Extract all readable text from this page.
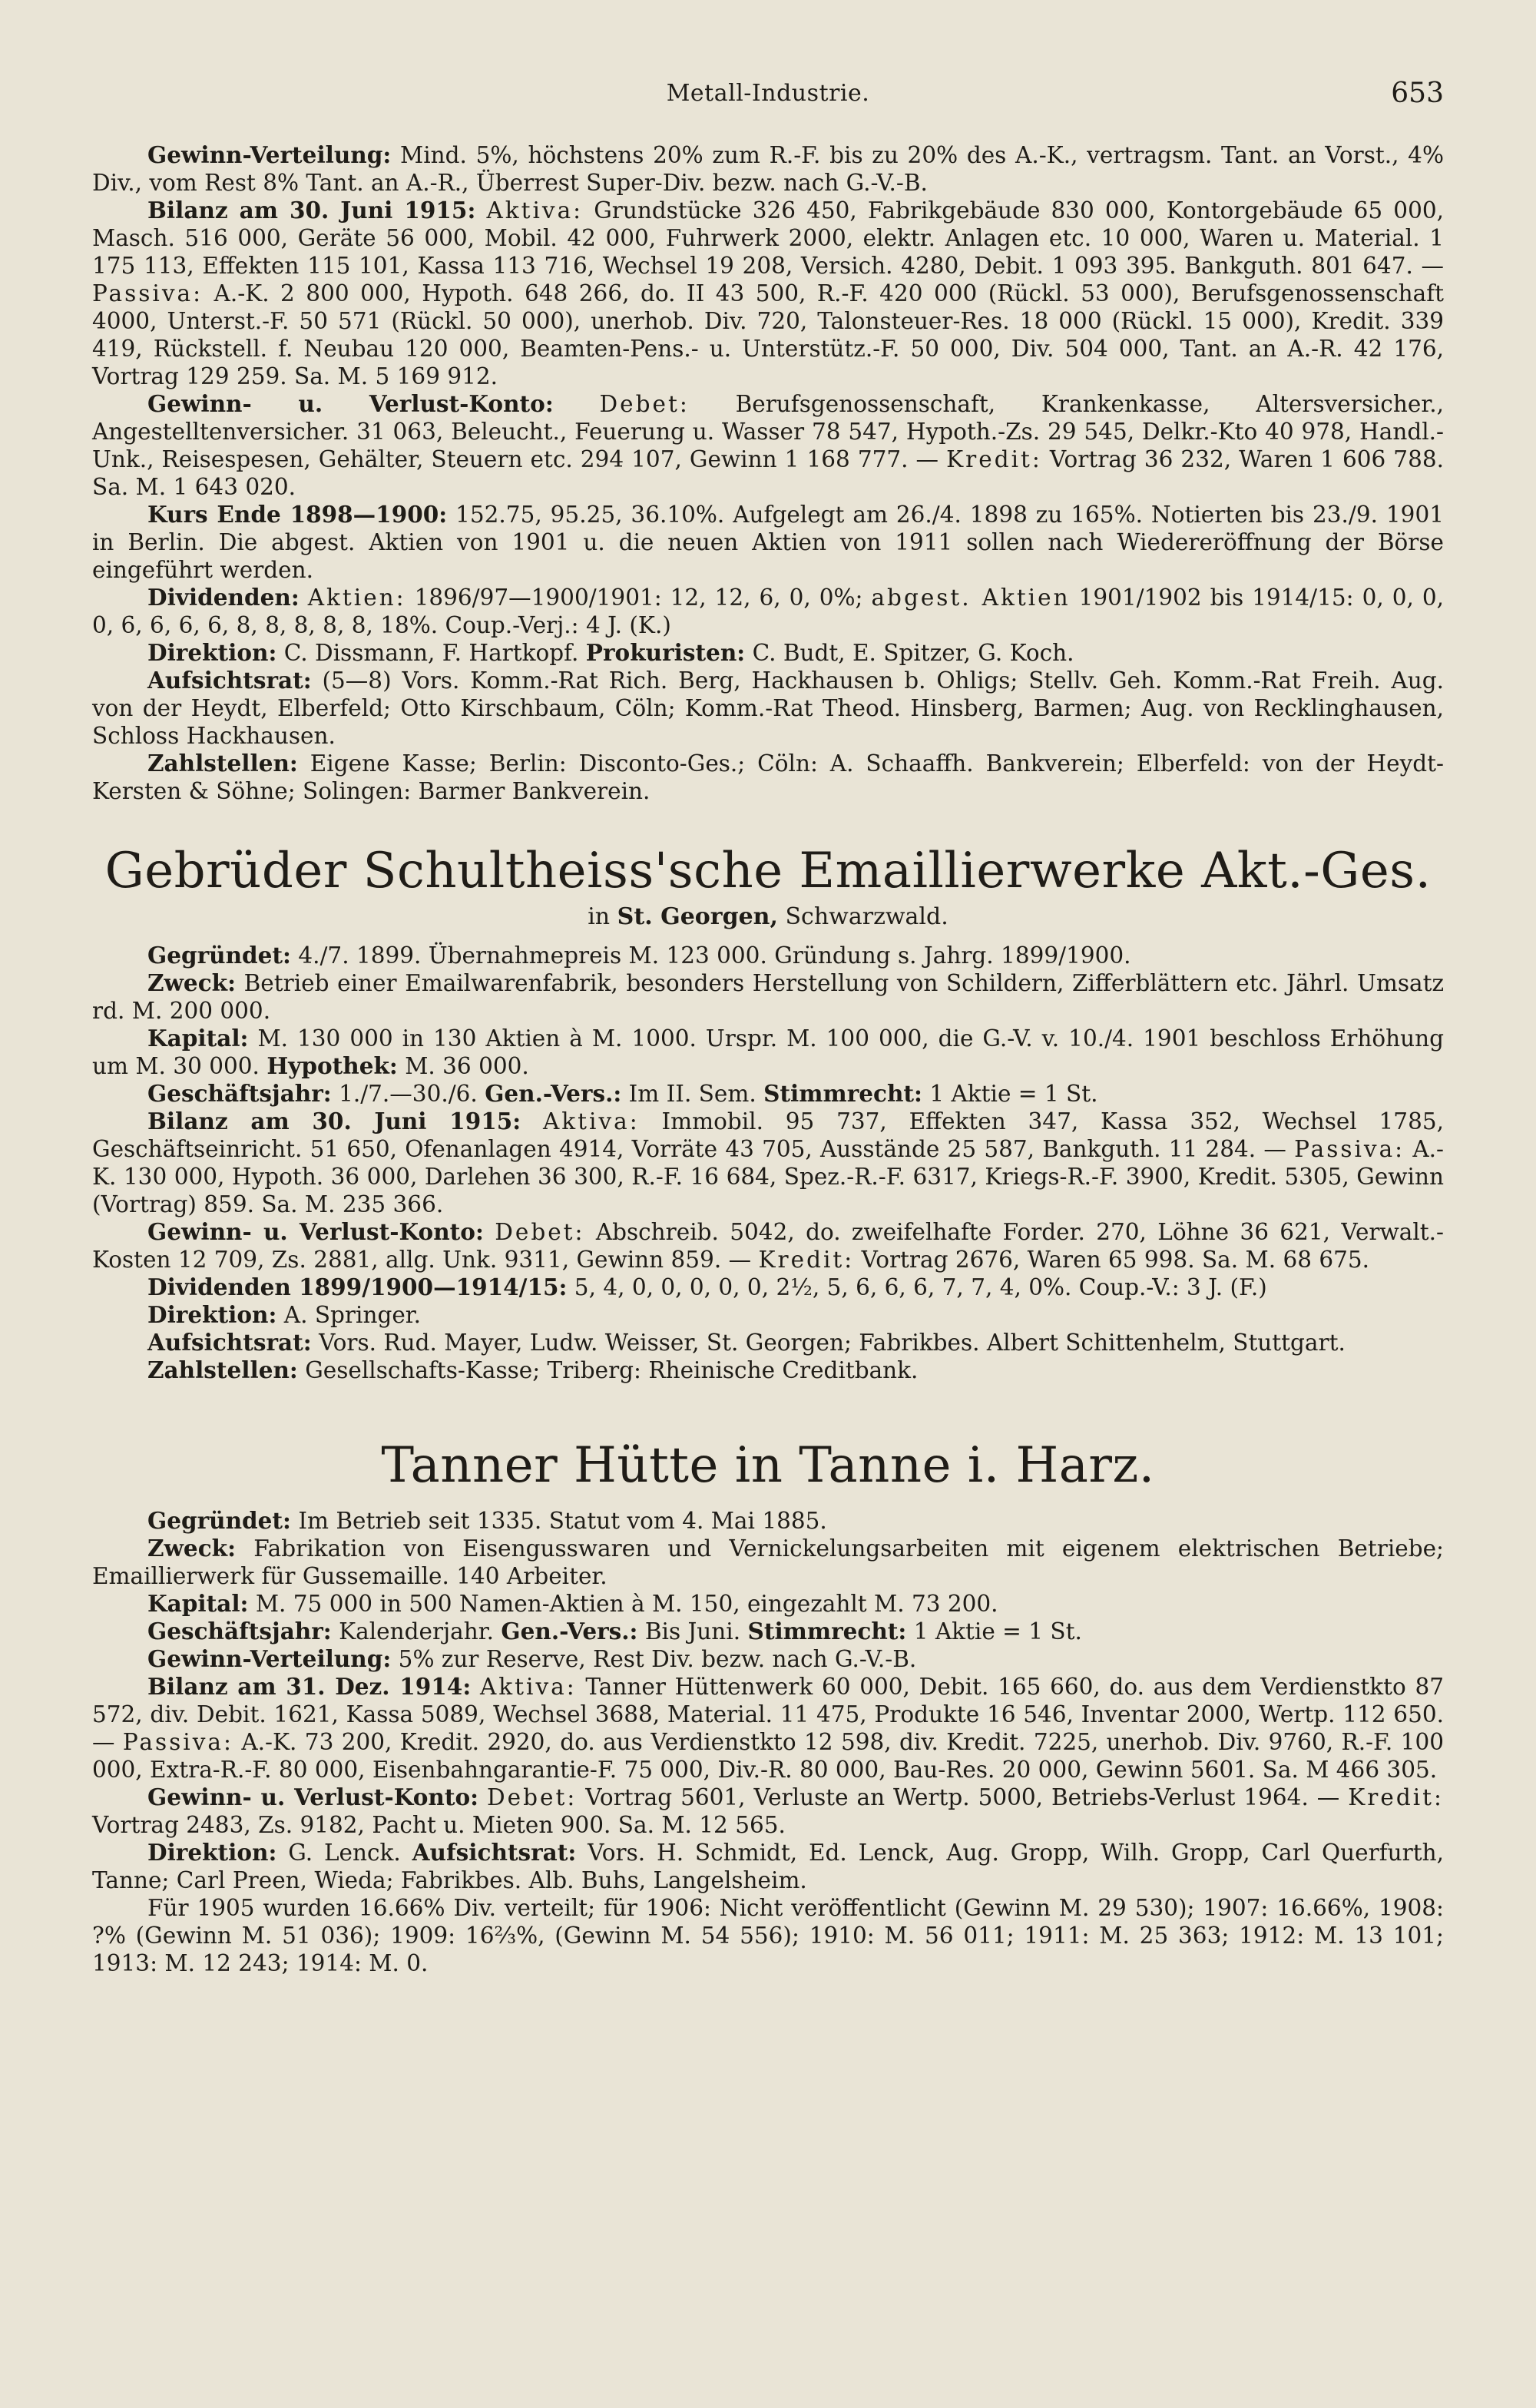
Metall-Industrie.	653

Gewinn-Verteilung: Mind. 5%, höchstens 20% zum R.-F. bis zu 20% des A.-K., vertragsm. Tant. an Vorst., 4% Div., vom Rest 8% Tant. an A.-R., Überrest Super-Div. bezw. nach G.-V.-B.

Bilanz am 30. Juni 1915: Aktiva: Grundstücke 326 450, Fabrikgebäude 830 000, Kontorgebäude 65 000, Masch. 516 000, Geräte 56 000, Mobil. 42 000, Fuhrwerk 2000, elektr. Anlagen etc. 10 000, Waren u. Material. 1 175 113, Effekten 115 101, Kassa 113 716, Wechsel 19 208, Versich. 4280, Debit. 1 093 395. Bankguth. 801 647. — Passiva: A.-K. 2 800 000, Hypoth. 648 266, do. II 43 500, R.-F. 420 000 (Rückl. 53 000), Berufsgenossenschaft 4000, Unterst.-F. 50 571 (Rückl. 50 000), unerhob. Div. 720, Talonsteuer-Res. 18 000 (Rückl. 15 000), Kredit. 339 419, Rückstell. f. Neubau 120 000, Beamten-Pens.- u. Unterstütz.-F. 50 000, Div. 504 000, Tant. an A.-R. 42 176, Vortrag 129 259. Sa. M. 5 169 912.

Gewinn- u. Verlust-Konto: Debet: Berufsgenossenschaft, Krankenkasse, Altersversicher., Angestelltenversicher. 31 063, Beleucht., Feuerung u. Wasser 78 547, Hypoth.-Zs. 29 545, Delkr.-Kto 40 978, Handl.-Unk., Reisespesen, Gehälter, Steuern etc. 294 107, Gewinn 1 168 777. — Kredit: Vortrag 36 232, Waren 1 606 788. Sa. M. 1 643 020.

Kurs Ende 1898—1900: 152.75, 95.25, 36.10%. Aufgelegt am 26./4. 1898 zu 165%. Notierten bis 23./9. 1901 in Berlin. Die abgest. Aktien von 1901 u. die neuen Aktien von 1911 sollen nach Wiedereröffnung der Börse eingeführt werden.

Dividenden: Aktien: 1896/97—1900/1901: 12, 12, 6, 0, 0%; abgest. Aktien 1901/1902 bis 1914/15: 0, 0, 0, 0, 6, 6, 6, 6, 8, 8, 8, 8, 8, 18%. Coup.-Verj.: 4 J. (K.)

Direktion: C. Dissmann, F. Hartkopf. Prokuristen: C. Budt, E. Spitzer, G. Koch.

Aufsichtsrat: (5—8) Vors. Komm.-Rat Rich. Berg, Hackhausen b. Ohligs; Stellv. Geh. Komm.-Rat Freih. Aug. von der Heydt, Elberfeld; Otto Kirschbaum, Cöln; Komm.-Rat Theod. Hinsberg, Barmen; Aug. von Recklinghausen, Schloss Hackhausen.

Zahlstellen: Eigene Kasse; Berlin: Disconto-Ges.; Cöln: A. Schaaffh. Bankverein; Elberfeld: von der Heydt-Kersten & Söhne; Solingen: Barmer Bankverein.

Gebrüder Schultheiss'sche Emaillierwerke Akt.-Ges.
in St. Georgen, Schwarzwald.

Gegründet: 4./7. 1899. Übernahmepreis M. 123 000. Gründung s. Jahrg. 1899/1900.

Zweck: Betrieb einer Emailwarenfabrik, besonders Herstellung von Schildern, Zifferblättern etc. Jährl. Umsatz rd. M. 200 000.

Kapital: M. 130 000 in 130 Aktien à M. 1000. Urspr. M. 100 000, die G.-V. v. 10./4. 1901 beschloss Erhöhung um M. 30 000. Hypothek: M. 36 000.

Geschäftsjahr: 1./7.—30./6. Gen.-Vers.: Im II. Sem. Stimmrecht: 1 Aktie = 1 St.

Bilanz am 30. Juni 1915: Aktiva: Immobil. 95 737, Effekten 347, Kassa 352, Wechsel 1785, Geschäftseinricht. 51 650, Ofenanlagen 4914, Vorräte 43 705, Ausstände 25 587, Bankguth. 11 284. — Passiva: A.-K. 130 000, Hypoth. 36 000, Darlehen 36 300, R.-F. 16 684, Spez.-R.-F. 6317, Kriegs-R.-F. 3900, Kredit. 5305, Gewinn (Vortrag) 859. Sa. M. 235 366.

Gewinn- u. Verlust-Konto: Debet: Abschreib. 5042, do. zweifelhafte Forder. 270, Löhne 36 621, Verwalt.-Kosten 12 709, Zs. 2881, allg. Unk. 9311, Gewinn 859. — Kredit: Vortrag 2676, Waren 65 998. Sa. M. 68 675.

Dividenden 1899/1900—1914/15: 5, 4, 0, 0, 0, 0, 0, 2½, 5, 6, 6, 6, 7, 7, 4, 0%. Coup.-V.: 3 J. (F.)

Direktion: A. Springer.

Aufsichtsrat: Vors. Rud. Mayer, Ludw. Weisser, St. Georgen; Fabrikbes. Albert Schittenhelm, Stuttgart.

Zahlstellen: Gesellschafts-Kasse; Triberg: Rheinische Creditbank.

Tanner Hütte in Tanne i. Harz.

Gegründet: Im Betrieb seit 1335. Statut vom 4. Mai 1885.

Zweck: Fabrikation von Eisengusswaren und Vernickelungsarbeiten mit eigenem elektrischen Betriebe; Emaillierwerk für Gussemaille. 140 Arbeiter.

Kapital: M. 75 000 in 500 Namen-Aktien à M. 150, eingezahlt M. 73 200.

Geschäftsjahr: Kalenderjahr. Gen.-Vers.: Bis Juni. Stimmrecht: 1 Aktie = 1 St.

Gewinn-Verteilung: 5% zur Reserve, Rest Div. bezw. nach G.-V.-B.

Bilanz am 31. Dez. 1914: Aktiva: Tanner Hüttenwerk 60 000, Debit. 165 660, do. aus dem Verdienstkto 87 572, div. Debit. 1621, Kassa 5089, Wechsel 3688, Material. 11 475, Produkte 16 546, Inventar 2000, Wertp. 112 650. — Passiva: A.-K. 73 200, Kredit. 2920, do. aus Verdienstkto 12 598, div. Kredit. 7225, unerhob. Div. 9760, R.-F. 100 000, Extra-R.-F. 80 000, Eisenbahngarantie-F. 75 000, Div.-R. 80 000, Bau-Res. 20 000, Gewinn 5601. Sa. M 466 305.

Gewinn- u. Verlust-Konto: Debet: Vortrag 5601, Verluste an Wertp. 5000, Betriebs-Verlust 1964. — Kredit: Vortrag 2483, Zs. 9182, Pacht u. Mieten 900. Sa. M. 12 565.

Direktion: G. Lenck. Aufsichtsrat: Vors. H. Schmidt, Ed. Lenck, Aug. Gropp, Wilh. Gropp, Carl Querfurth, Tanne; Carl Preen, Wieda; Fabrikbes. Alb. Buhs, Langelsheim.

Für 1905 wurden 16.66% Div. verteilt; für 1906: Nicht veröffentlicht (Gewinn M. 29 530); 1907: 16.66%, 1908: ?% (Gewinn M. 51 036); 1909: 16⅔%, (Gewinn M. 54 556); 1910: M. 56 011; 1911: M. 25 363; 1912: M. 13 101; 1913: M. 12 243; 1914: M. 0.
